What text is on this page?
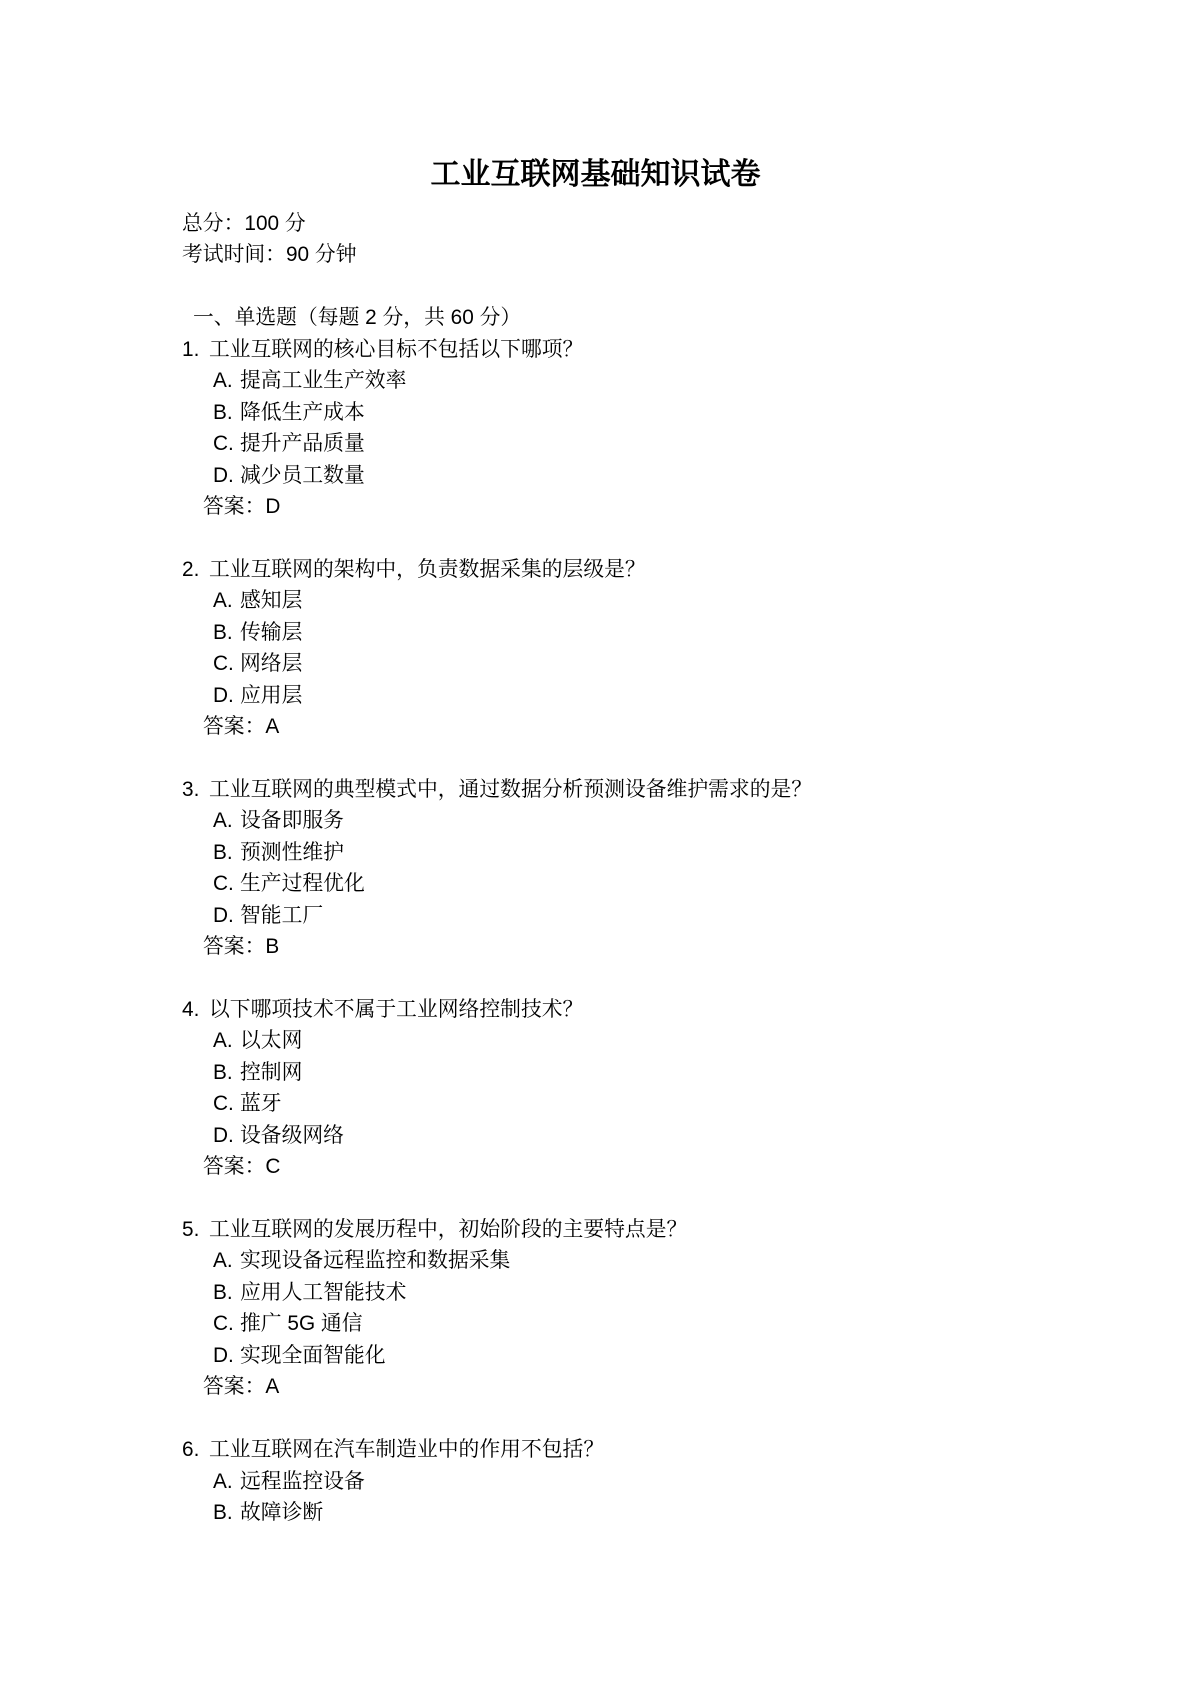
工业互联网基础知识试卷
总分：100 分
考试时间：90 分钟
一、单选题（每题 2 分，共 60 分）
1. 工业互联网的核心目标不包括以下哪项？
A. 提高工业生产效率
B. 降低生产成本
C. 提升产品质量
D. 减少员工数量
答案：D
2. 工业互联网的架构中，负责数据采集的层级是？
A. 感知层
B. 传输层
C. 网络层
D. 应用层
答案：A
3. 工业互联网的典型模式中，通过数据分析预测设备维护需求的是？
A. 设备即服务
B. 预测性维护
C. 生产过程优化
D. 智能工厂
答案：B
4. 以下哪项技术不属于工业网络控制技术？
A. 以太网
B. 控制网
C. 蓝牙
D. 设备级网络
答案：C
5. 工业互联网的发展历程中，初始阶段的主要特点是？
A. 实现设备远程监控和数据采集
B. 应用人工智能技术
C. 推广 5G 通信
D. 实现全面智能化
答案：A
6. 工业互联网在汽车制造业中的作用不包括？
A. 远程监控设备
B. 故障诊断
